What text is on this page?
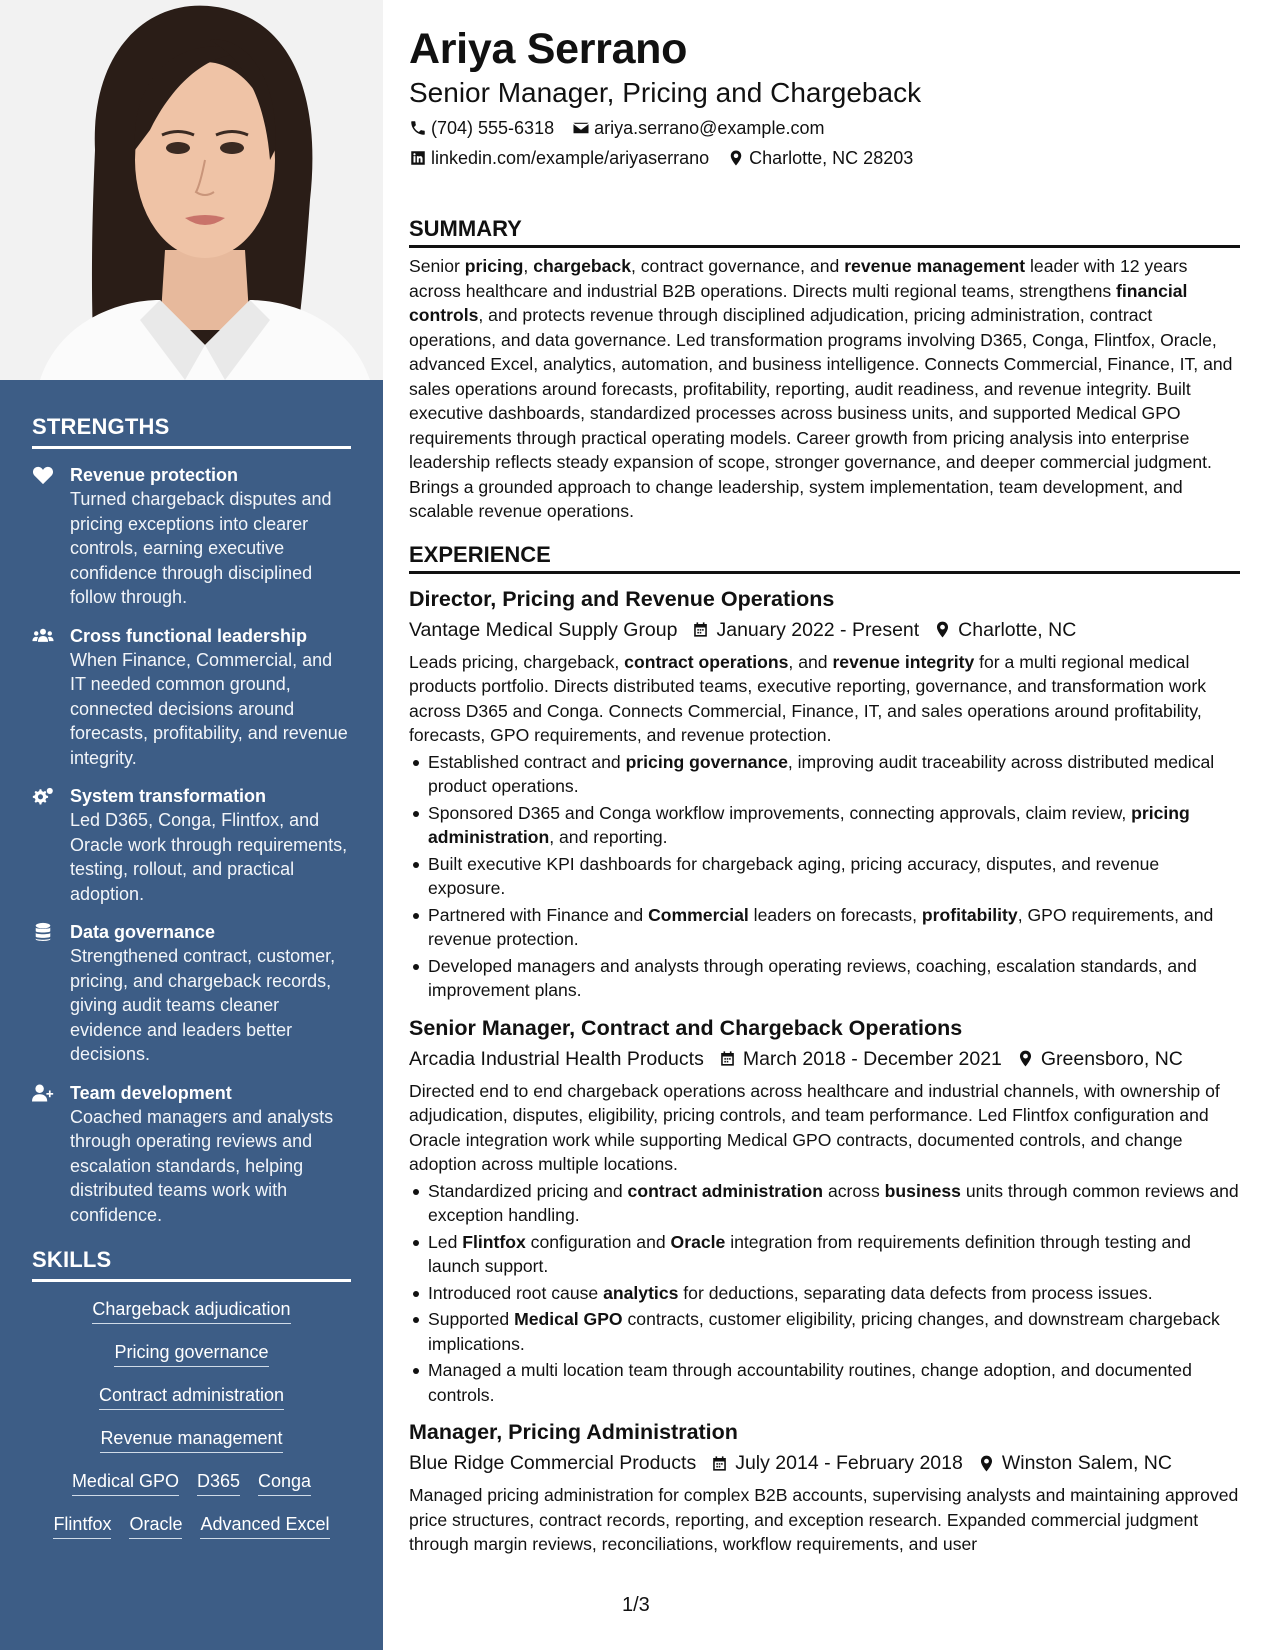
STRENGTHS
Revenue protection
Turned chargeback disputes and pricing exceptions into clearer controls, earning executive confidence through disciplined follow through.
Cross functional leadership
When Finance, Commercial, and IT needed common ground, connected decisions around forecasts, profitability, and revenue integrity.
System transformation
Led D365, Conga, Flintfox, and Oracle work through requirements, testing, rollout, and practical adoption.
Data governance
Strengthened contract, customer, pricing, and chargeback records, giving audit teams cleaner evidence and leaders better decisions.
Team development
Coached managers and analysts through operating reviews and escalation standards, helping distributed teams work with confidence.
SKILLS
Chargeback adjudication
Pricing governance
Contract administration
Revenue management
Medical GPO D365 Conga
Flintfox Oracle Advanced Excel
Ariya Serrano
Senior Manager, Pricing and Chargeback
(704) 555-6318 ariya.serrano@example.com
linkedin.com/example/ariyaserrano Charlotte, NC 28203
SUMMARY
Senior pricing, chargeback, contract governance, and revenue management leader with 12 years across healthcare and industrial B2B operations. Directs multi regional teams, strengthens financial controls, and protects revenue through disciplined adjudication, pricing administration, contract operations, and data governance. Led transformation programs involving D365, Conga, Flintfox, Oracle, advanced Excel, analytics, automation, and business intelligence. Connects Commercial, Finance, IT, and sales operations around forecasts, profitability, reporting, audit readiness, and revenue integrity. Built executive dashboards, standardized processes across business units, and supported Medical GPO requirements through practical operating models. Career growth from pricing analysis into enterprise leadership reflects steady expansion of scope, stronger governance, and deeper commercial judgment. Brings a grounded approach to change leadership, system implementation, team development, and scalable revenue operations.
EXPERIENCE
Director, Pricing and Revenue Operations
Vantage Medical Supply Group January 2022 - Present Charlotte, NC
Leads pricing, chargeback, contract operations, and revenue integrity for a multi regional medical products portfolio. Directs distributed teams, executive reporting, governance, and transformation work across D365 and Conga. Connects Commercial, Finance, IT, and sales operations around profitability, forecasts, GPO requirements, and revenue protection.
Established contract and pricing governance, improving audit traceability across distributed medical product operations.
Sponsored D365 and Conga workflow improvements, connecting approvals, claim review, pricing administration, and reporting.
Built executive KPI dashboards for chargeback aging, pricing accuracy, disputes, and revenue exposure.
Partnered with Finance and Commercial leaders on forecasts, profitability, GPO requirements, and revenue protection.
Developed managers and analysts through operating reviews, coaching, escalation standards, and improvement plans.
Senior Manager, Contract and Chargeback Operations
Arcadia Industrial Health Products March 2018 - December 2021 Greensboro, NC
Directed end to end chargeback operations across healthcare and industrial channels, with ownership of adjudication, disputes, eligibility, pricing controls, and team performance. Led Flintfox configuration and Oracle integration work while supporting Medical GPO contracts, documented controls, and change adoption across multiple locations.
Standardized pricing and contract administration across business units through common reviews and exception handling.
Led Flintfox configuration and Oracle integration from requirements definition through testing and launch support.
Introduced root cause analytics for deductions, separating data defects from process issues.
Supported Medical GPO contracts, customer eligibility, pricing changes, and downstream chargeback implications.
Managed a multi location team through accountability routines, change adoption, and documented controls.
Manager, Pricing Administration
Blue Ridge Commercial Products July 2014 - February 2018 Winston Salem, NC
Managed pricing administration for complex B2B accounts, supervising analysts and maintaining approved price structures, contract records, reporting, and exception research. Expanded commercial judgment through margin reviews, reconciliations, workflow requirements, and user
1/3
